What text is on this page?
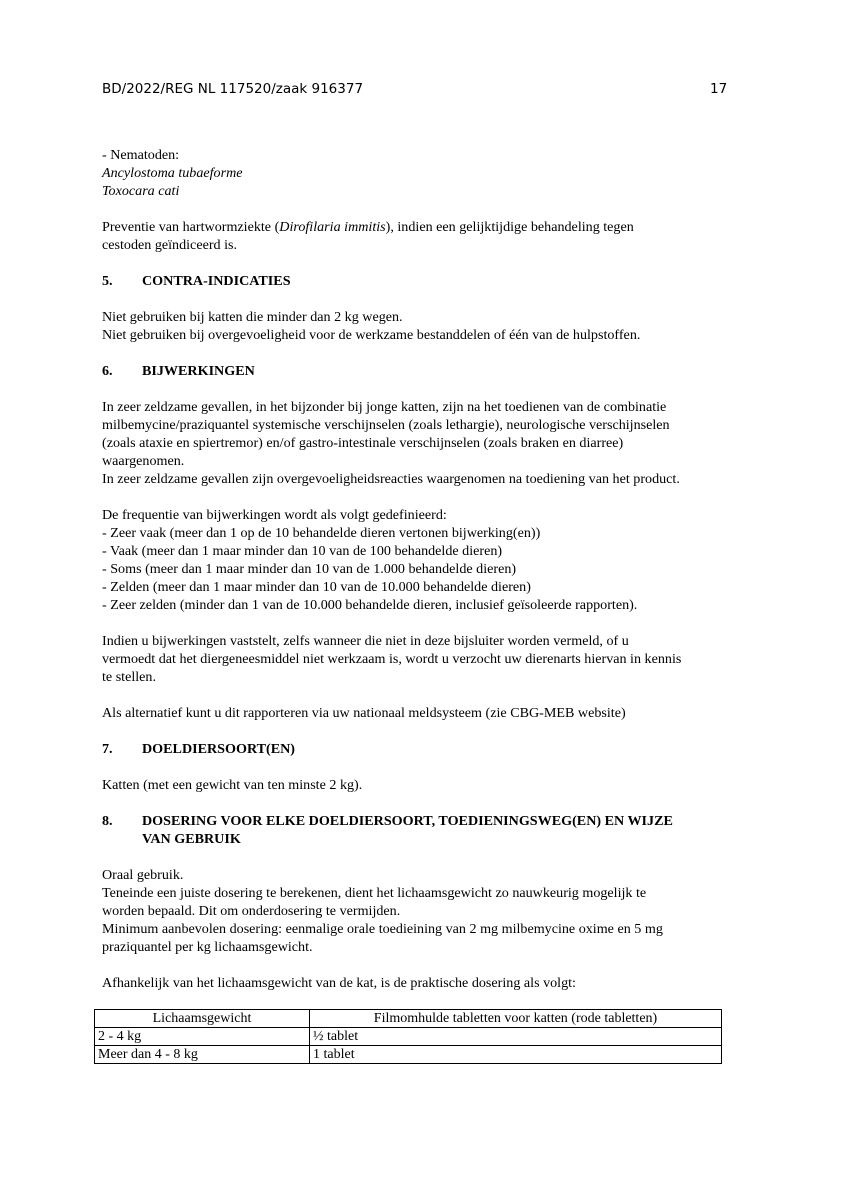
BD/2022/REG NL 117520/zaak 916377	17

- Nematoden:

Ancylostoma tubaeforme

Toxocara cati

Preventie van hartwormziekte (Dirofilaria immitis), indien een gelijktijdige behandeling tegen

cestoden geïndiceerd is.

5.	CONTRA-INDICATIES

Niet gebruiken bij katten die minder dan 2 kg wegen.

Niet gebruiken bij overgevoeligheid voor de werkzame bestanddelen of één van de hulpstoffen.

6.	BIJWERKINGEN

In zeer zeldzame gevallen, in het bijzonder bij jonge katten, zijn na het toedienen van de combinatie

milbemycine/praziquantel systemische verschijnselen (zoals lethargie), neurologische verschijnselen

(zoals ataxie en spiertremor) en/of gastro-intestinale verschijnselen (zoals braken en diarree)

waargenomen.

In zeer zeldzame gevallen zijn overgevoeligheidsreacties waargenomen na toediening van het product.

De frequentie van bijwerkingen wordt als volgt gedefinieerd:

- Zeer vaak (meer dan 1 op de 10 behandelde dieren vertonen bijwerking(en))

- Vaak (meer dan 1 maar minder dan 10 van de 100 behandelde dieren)

- Soms (meer dan 1 maar minder dan 10 van de 1.000 behandelde dieren)

- Zelden (meer dan 1 maar minder dan 10 van de 10.000 behandelde dieren)

- Zeer zelden (minder dan 1 van de 10.000 behandelde dieren, inclusief geïsoleerde rapporten).

Indien u bijwerkingen vaststelt, zelfs wanneer die niet in deze bijsluiter worden vermeld, of u

vermoedt dat het diergeneesmiddel niet werkzaam is, wordt u verzocht uw dierenarts hiervan in kennis

te stellen.

Als alternatief kunt u dit rapporteren via uw nationaal meldsysteem (zie CBG-MEB website)

7.	DOELDIERSOORT(EN)

Katten (met een gewicht van ten minste 2 kg).

8.	DOSERING VOOR ELKE DOELDIERSOORT, TOEDIENINGSWEG(EN) EN WIJZE
VAN GEBRUIK

Oraal gebruik.

Teneinde een juiste dosering te berekenen, dient het lichaamsgewicht zo nauwkeurig mogelijk te

worden bepaald. Dit om onderdosering te vermijden.

Minimum aanbevolen dosering: eenmalige orale toedieining van 2 mg milbemycine oxime en 5 mg

praziquantel per kg lichaamsgewicht.

Afhankelijk van het lichaamsgewicht van de kat, is de praktische dosering als volgt:

Lichaamsgewicht	Filmomhulde tabletten voor katten (rode tabletten)
2 - 4 kg	½ tablet
Meer dan 4 - 8 kg	1 tablet
